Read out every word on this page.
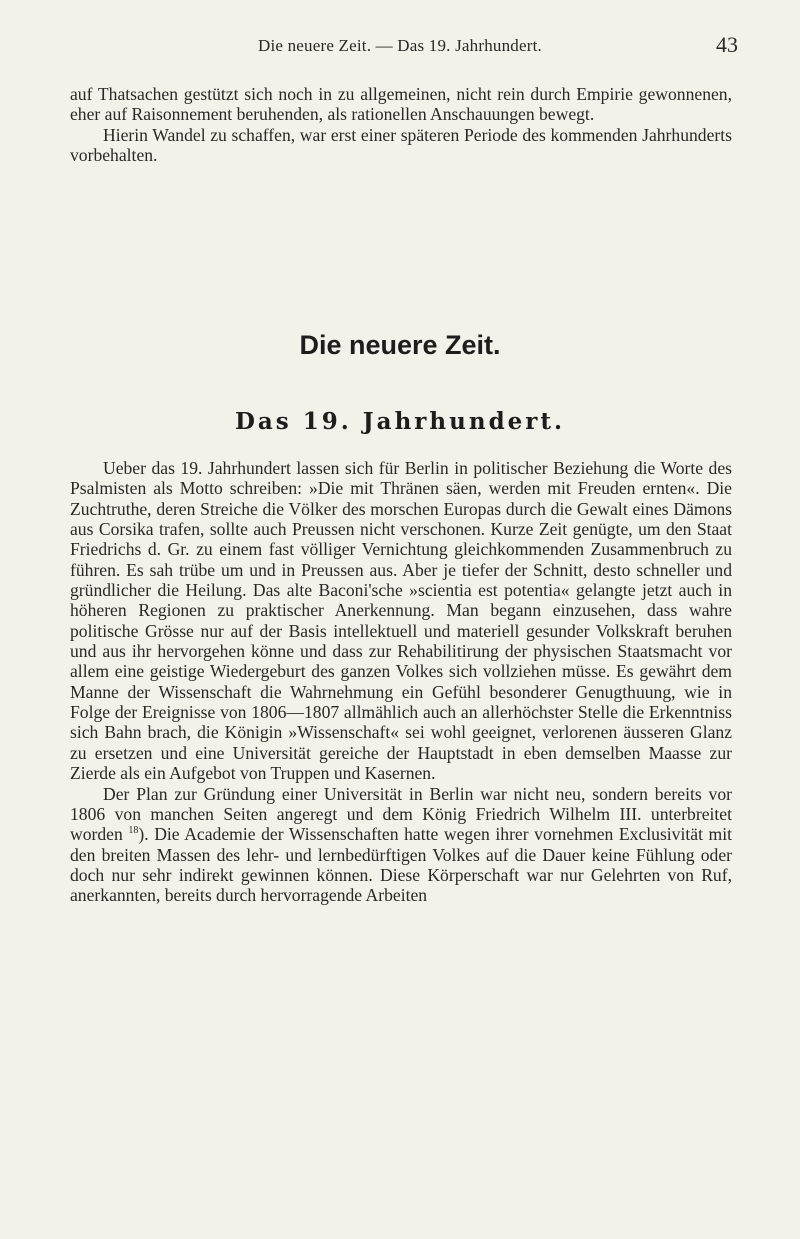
Die neuere Zeit. — Das 19. Jahrhundert.	43

auf Thatsachen gestützt sich noch in zu allgemeinen, nicht rein durch Empirie gewonnenen, eher auf Raisonnement beruhenden, als rationellen Anschauungen bewegt.

Hierin Wandel zu schaffen, war erst einer späteren Periode des kommenden Jahrhunderts vorbehalten.

Die neuere Zeit.
Das 19. Jahrhundert.

Ueber das 19. Jahrhundert lassen sich für Berlin in politischer Beziehung die Worte des Psalmisten als Motto schreiben: »Die mit Thränen säen, werden mit Freuden ernten«. Die Zuchtruthe, deren Streiche die Völker des morschen Europas durch die Gewalt eines Dämons aus Corsika trafen, sollte auch Preussen nicht verschonen. Kurze Zeit genügte, um den Staat Friedrichs d. Gr. zu einem fast völliger Vernichtung gleichkommenden Zusammenbruch zu führen. Es sah trübe um und in Preussen aus. Aber je tiefer der Schnitt, desto schneller und gründlicher die Heilung. Das alte Baconi'sche »scientia est potentia« gelangte jetzt auch in höheren Regionen zu praktischer Anerkennung. Man begann einzusehen, dass wahre politische Grösse nur auf der Basis intellektuell und materiell gesunder Volkskraft beruhen und aus ihr hervorgehen könne und dass zur Rehabilitirung der physischen Staatsmacht vor allem eine geistige Wiedergeburt des ganzen Volkes sich vollziehen müsse. Es gewährt dem Manne der Wissenschaft die Wahrnehmung ein Gefühl besonderer Genugthuung, wie in Folge der Ereignisse von 1806—1807 allmählich auch an allerhöchster Stelle die Erkenntniss sich Bahn brach, die Königin »Wissenschaft« sei wohl geeignet, verlorenen äusseren Glanz zu ersetzen und eine Universität gereiche der Hauptstadt in eben demselben Maasse zur Zierde als ein Aufgebot von Truppen und Kasernen.

Der Plan zur Gründung einer Universität in Berlin war nicht neu, sondern bereits vor 1806 von manchen Seiten angeregt und dem König Friedrich Wilhelm III. unterbreitet worden $^{18}$). Die Academie der Wissenschaften hatte wegen ihrer vornehmen Exclusivität mit den breiten Massen des lehr- und lernbedürftigen Volkes auf die Dauer keine Fühlung oder doch nur sehr indirekt gewinnen können. Diese Körperschaft war nur Gelehrten von Ruf, anerkannten, bereits durch hervorragende Arbeiten
